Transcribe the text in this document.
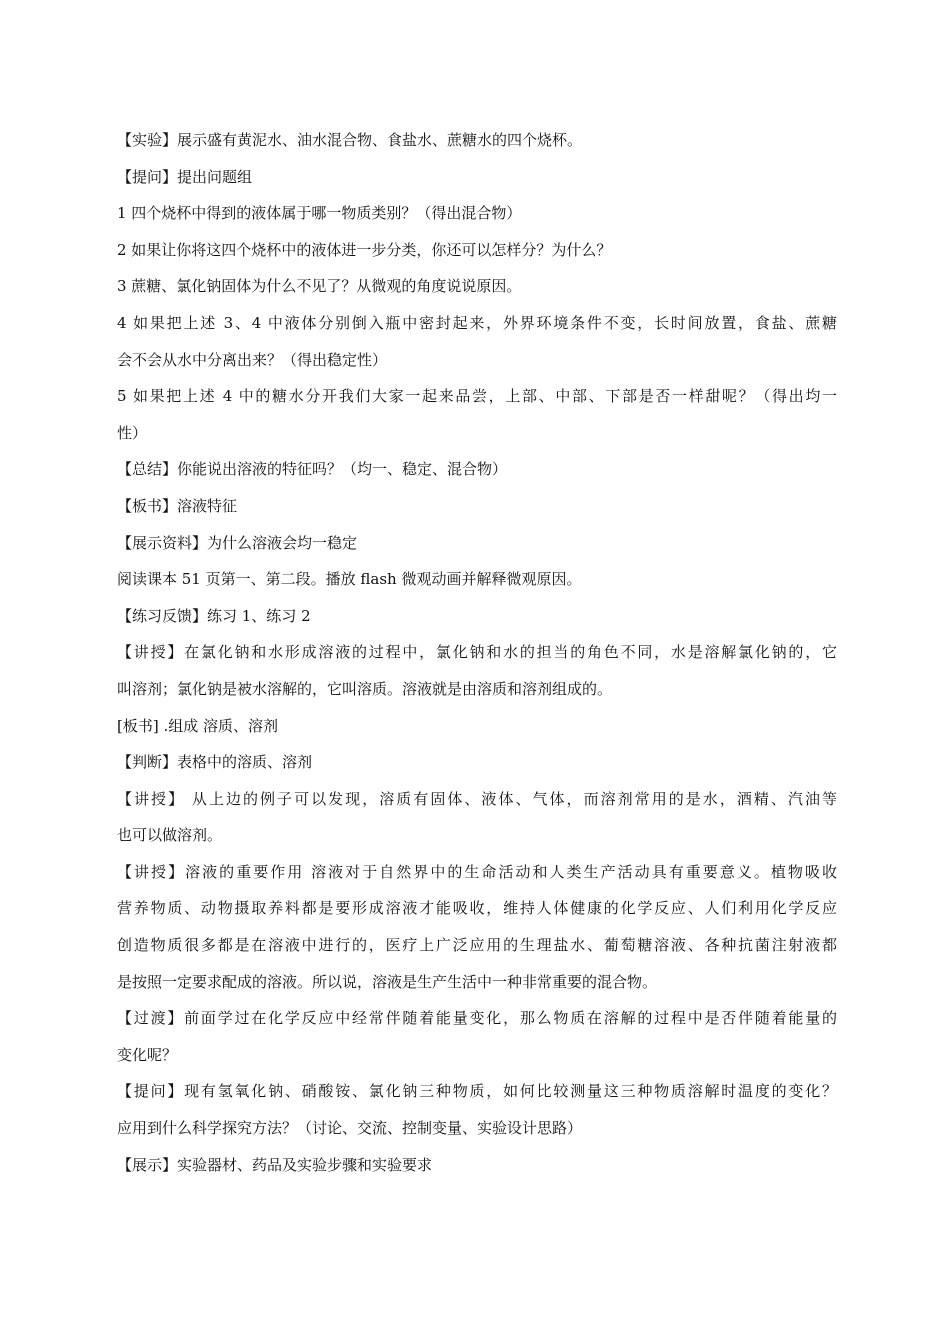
【实验】展示盛有黄泥水、油水混合物、食盐水、蔗糖水的四个烧杯。

【提问】提出问题组

1 四个烧杯中得到的液体属于哪一物质类别？（得出混合物）

2 如果让你将这四个烧杯中的液体进一步分类，你还可以怎样分？为什么？

3 蔗糖、氯化钠固体为什么不见了？从微观的角度说说原因。

4 如果把上述 3、4 中液体分别倒入瓶中密封起来，外界环境条件不变，长时间放置，食盐、蔗糖

会不会从水中分离出来？（得出稳定性）

5 如果把上述 4 中的糖水分开我们大家一起来品尝，上部、中部、下部是否一样甜呢？（得出均一

性）

【总结】你能说出溶液的特征吗？（均一、稳定、混合物）

【板书】溶液特征

【展示资料】为什么溶液会均一稳定

阅读课本 51 页第一、第二段。播放 flash 微观动画并解释微观原因。

【练习反馈】练习 1、练习 2

【讲授】在氯化钠和水形成溶液的过程中，氯化钠和水的担当的角色不同，水是溶解氯化钠的，它

叫溶剂；氯化钠是被水溶解的，它叫溶质。溶液就是由溶质和溶剂组成的。

[板书] .组成 溶质、溶剂

【判断】表格中的溶质、溶剂

【讲授】 从上边的例子可以发现，溶质有固体、液体、气体，而溶剂常用的是水，酒精、汽油等

也可以做溶剂。

【讲授】溶液的重要作用 溶液对于自然界中的生命活动和人类生产活动具有重要意义。植物吸收

营养物质、动物摄取养料都是要形成溶液才能吸收，维持人体健康的化学反应、人们利用化学反应

创造物质很多都是在溶液中进行的，医疗上广泛应用的生理盐水、葡萄糖溶液、各种抗菌注射液都

是按照一定要求配成的溶液。所以说，溶液是生产生活中一种非常重要的混合物。

【过渡】前面学过在化学反应中经常伴随着能量变化，那么物质在溶解的过程中是否伴随着能量的

变化呢？

【提问】现有氢氧化钠、硝酸铵、氯化钠三种物质，如何比较测量这三种物质溶解时温度的变化？

应用到什么科学探究方法？（讨论、交流、控制变量、实验设计思路）

【展示】实验器材、药品及实验步骤和实验要求
